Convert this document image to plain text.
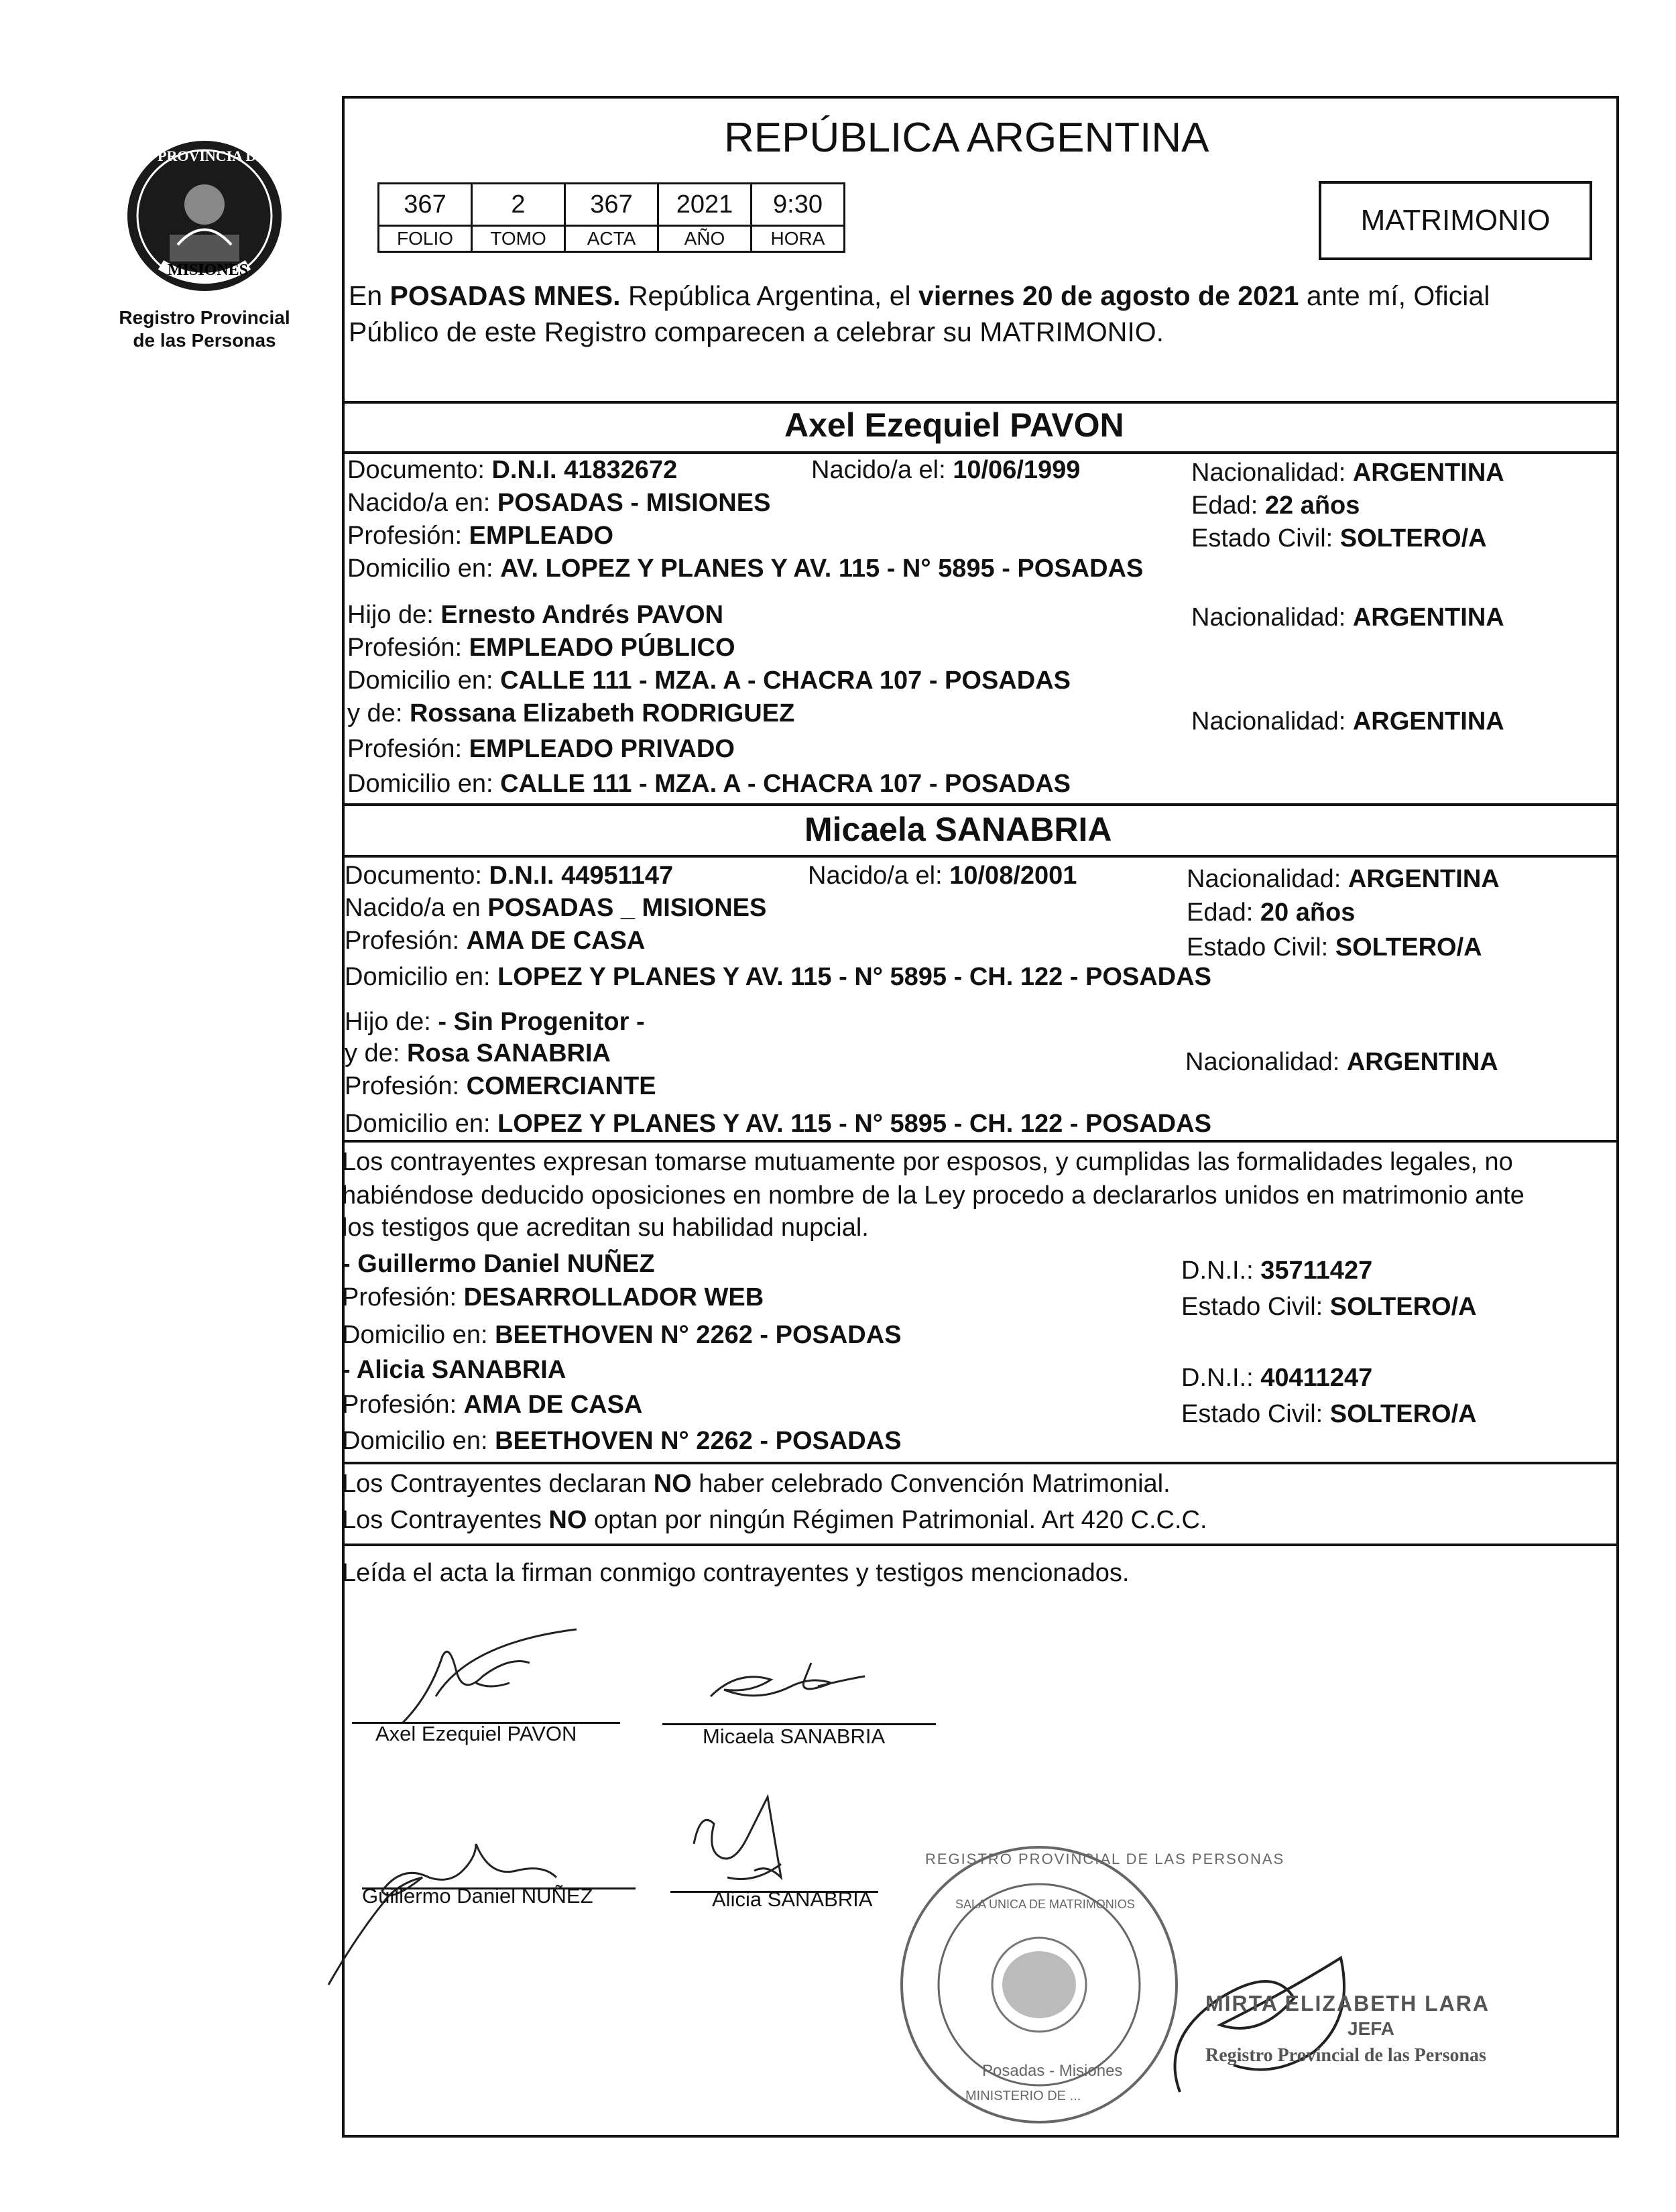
PROVINCIA DE
MISIONES
Registro Provincial
de las Personas
REPÚBLICA ARGENTINA
367	2	367	2021	9:30
FOLIO	TOMO	ACTA	AÑO	HORA
MATRIMONIO
En POSADAS MNES. República Argentina, el viernes 20 de agosto de 2021 ante mí, Oficial
Público de este Registro comparecen a celebrar su MATRIMONIO.
Axel Ezequiel PAVON
Documento: D.N.I. 41832672	Nacido/a el: 10/06/1999	Nacionalidad: ARGENTINA
Nacido/a en: POSADAS - MISIONES	Edad: 22 años
Profesión: EMPLEADO	Estado Civil: SOLTERO/A
Domicilio en: AV. LOPEZ Y PLANES Y AV. 115 - N° 5895 - POSADAS
Hijo de: Ernesto Andrés PAVON	Nacionalidad: ARGENTINA
Profesión: EMPLEADO PÚBLICO
Domicilio en: CALLE 111 - MZA. A - CHACRA 107 - POSADAS
y de: Rossana Elizabeth RODRIGUEZ	Nacionalidad: ARGENTINA
Profesión: EMPLEADO PRIVADO
Domicilio en: CALLE 111 - MZA. A - CHACRA 107 - POSADAS
Micaela SANABRIA
Documento: D.N.I. 44951147	Nacido/a el: 10/08/2001	Nacionalidad: ARGENTINA
Nacido/a en POSADAS _ MISIONES	Edad: 20 años
Profesión: AMA DE CASA	Estado Civil: SOLTERO/A
Domicilio en: LOPEZ Y PLANES Y AV. 115 - N° 5895 - CH. 122 - POSADAS
Hijo de: - Sin Progenitor -
y de: Rosa SANABRIA	Nacionalidad: ARGENTINA
Profesión: COMERCIANTE
Domicilio en: LOPEZ Y PLANES Y AV. 115 - N° 5895 - CH. 122 - POSADAS
Los contrayentes expresan tomarse mutuamente por esposos, y cumplidas las formalidades legales, no
habiéndose deducido oposiciones en nombre de la Ley procedo a declararlos unidos en matrimonio ante
los testigos que acreditan su habilidad nupcial.
- Guillermo Daniel NUÑEZ	D.N.I.: 35711427
Profesión: DESARROLLADOR WEB	Estado Civil: SOLTERO/A
Domicilio en: BEETHOVEN N° 2262 - POSADAS
- Alicia SANABRIA	D.N.I.: 40411247
Profesión: AMA DE CASA	Estado Civil: SOLTERO/A
Domicilio en: BEETHOVEN N° 2262 - POSADAS
Los Contrayentes declaran NO haber celebrado Convención Matrimonial.
Los Contrayentes NO optan por ningún Régimen Patrimonial. Art 420 C.C.C.
Leída el acta la firman conmigo contrayentes y testigos mencionados.
Axel Ezequiel PAVON	Micaela SANABRIA
Guillermo Daniel NUÑEZ	Alicia SANABRIA
REGISTRO PROVINCIAL DE LAS PERSONAS
SALA UNICA DE MATRIMONIOS
Posadas - Misiones
MINISTERIO DE ...
MIRTA ELIZABETH LARA
JEFA
Registro Provincial de las Personas
